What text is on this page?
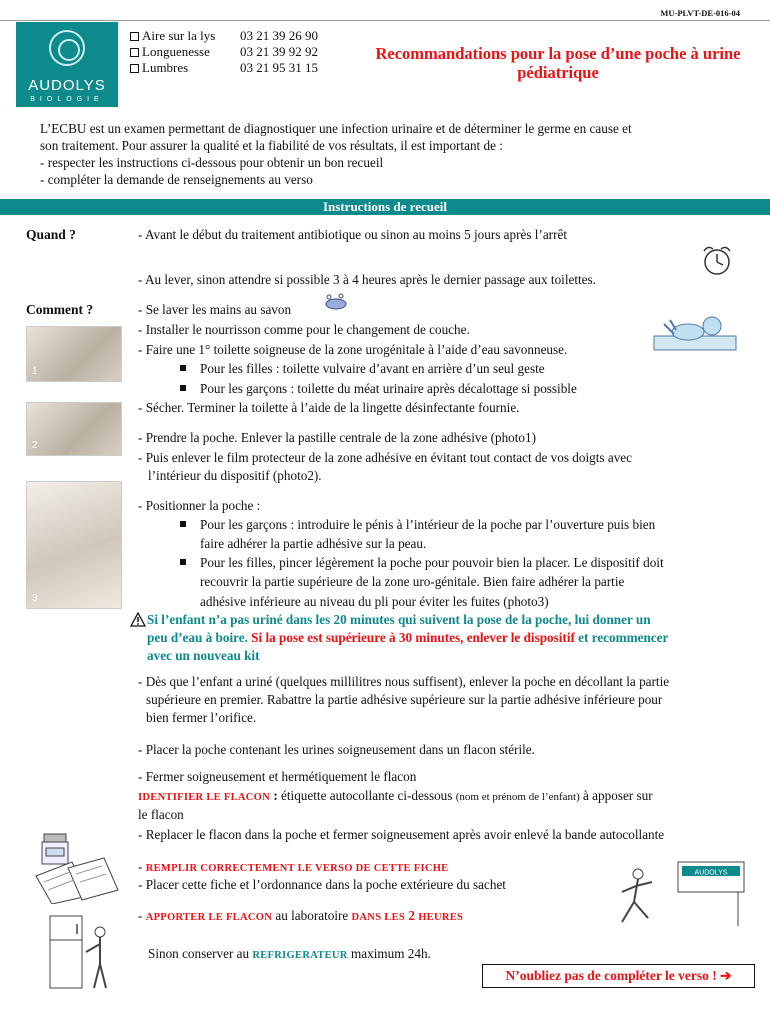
MU-PLVT-DE-016-04
AUDOLYS
BIOLOGIE
Aire sur la lys	03 21 39 26 90
Longuenesse	03 21 39 92 92
Lumbres	03 21 95 31 15
Recommandations pour la pose d’une poche à urine
pédiatrique
L’ECBU est un examen permettant de diagnostiquer une infection urinaire et de déterminer le germe en cause et
son traitement. Pour assurer la qualité et la fiabilité de vos résultats, il est important de :
- respecter les instructions ci-dessous pour obtenir un bon recueil
- compléter la demande de renseignements au verso
Instructions de recueil
Quand ?	- Avant le début du traitement antibiotique ou sinon au moins 5 jours après l’arrêt
- Au lever, sinon attendre si possible 3 à 4 heures après le dernier passage aux toilettes.
Comment ?	- Se laver les mains au savon
- Installer le nourrisson comme pour le changement de couche.
- Faire une 1° toilette soigneuse de la zone urogénitale à l’aide d’eau savonneuse.
Pour les filles : toilette vulvaire d’avant en arrière d’un seul geste
Pour les garçons : toilette du méat urinaire après décalottage si possible
- Sécher. Terminer la toilette à l’aide de la lingette désinfectante fournie.
1
2
3
- Prendre la poche. Enlever la pastille centrale de la zone adhésive (photo1)
- Puis enlever le film protecteur de la zone adhésive en évitant tout contact de vos doigts avec
l’intérieur du dispositif (photo2).
- Positionner la poche :
Pour les garçons : introduire le pénis à l’intérieur de la poche par l’ouverture puis bien
faire adhérer la partie adhésive sur la peau.
Pour les filles, pincer légèrement la poche pour pouvoir bien la placer. Le dispositif doit
recouvrir la partie supérieure de la zone uro-génitale. Bien faire adhérer la partie
adhésive inférieure au niveau du pli pour éviter les fuites (photo3)
Si l’enfant n’a pas uriné dans les 20 minutes qui suivent la pose de la poche, lui donner un
peu d’eau à boire. Si la pose est supérieure à 30 minutes, enlever le dispositif et recommencer
avec un nouveau kit
- Dès que l’enfant a uriné (quelques millilitres nous suffisent), enlever la poche en décollant la partie
supérieure en premier. Rabattre la partie adhésive supérieure sur la partie adhésive inférieure pour
bien fermer l’orifice.
- Placer la poche contenant les urines soigneusement dans un flacon stérile.
- Fermer soigneusement et hermétiquement le flacon
IDENTIFIER LE FLACON : étiquette autocollante ci-dessous (nom et prénom de l’enfant) à apposer sur
le flacon
- Replacer le flacon dans la poche et fermer soigneusement après avoir enlevé la bande autocollante
- REMPLIR CORRECTEMENT LE VERSO DE CETTE FICHE
- Placer cette fiche et l’ordonnance dans la poche extérieure du sachet
- APPORTER LE FLACON au laboratoire DANS LES 2 HEURES
Sinon conserver au REFRIGERATEUR maximum 24h.
AUDOLYS
N’oubliez pas de compléter le verso ! ➔
